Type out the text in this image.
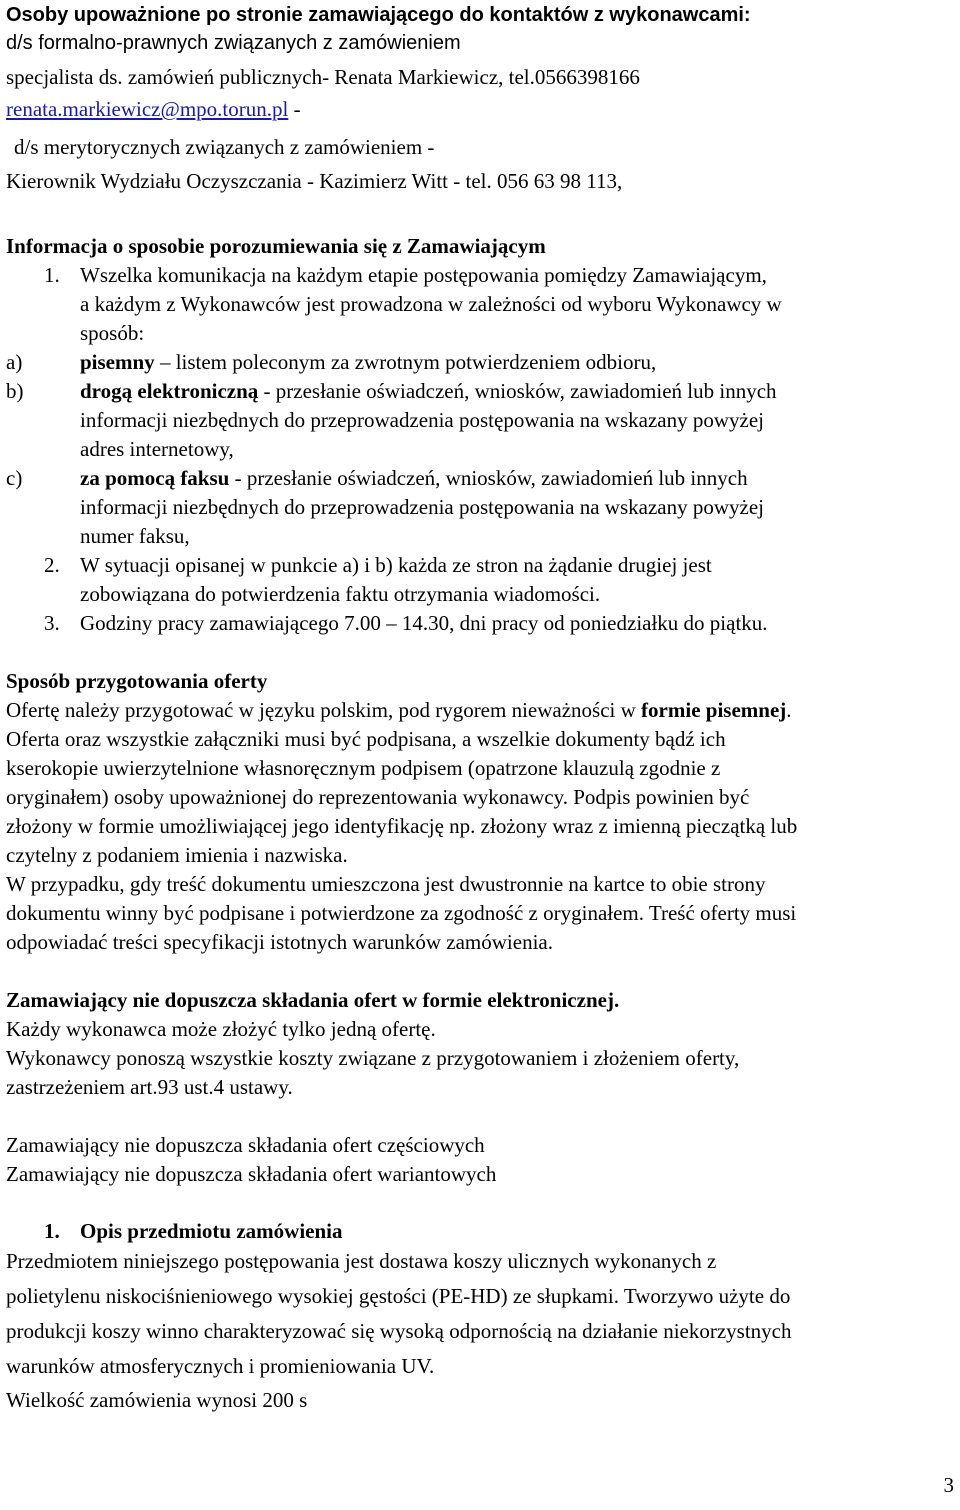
Osoby upoważnione po stronie zamawiającego do kontaktów z wykonawcami:
d/s formalno-prawnych związanych z zamówieniem
specjalista ds. zamówień publicznych- Renata Markiewicz, tel.0566398166
renata.markiewicz@mpo.torun.pl -
d/s merytorycznych związanych z zamówieniem -
Kierownik Wydziału Oczyszczania - Kazimierz Witt - tel. 056 63 98 113,
Informacja o sposobie porozumiewania się z Zamawiającym
1. Wszelka komunikacja na każdym etapie postępowania pomiędzy Zamawiającym,
a każdym z Wykonawców jest prowadzona w zależności od wyboru Wykonawcy w
sposób:
a)	pisemny – listem poleconym za zwrotnym potwierdzeniem odbioru,
b)	drogą elektroniczną - przesłanie oświadczeń, wniosków, zawiadomień lub innych
informacji niezbędnych do przeprowadzenia postępowania na wskazany powyżej
adres internetowy,
c)	za pomocą faksu - przesłanie oświadczeń, wniosków, zawiadomień lub innych
informacji niezbędnych do przeprowadzenia postępowania na wskazany powyżej
numer faksu,
2. W sytuacji opisanej w punkcie a) i b) każda ze stron na żądanie drugiej jest
zobowiązana do potwierdzenia faktu otrzymania wiadomości.
3. Godziny pracy zamawiającego 7.00 – 14.30, dni pracy od poniedziałku do piątku.
Sposób przygotowania oferty
Ofertę należy przygotować w języku polskim, pod rygorem nieważności w formie pisemnej.
Oferta oraz wszystkie załączniki musi być podpisana, a wszelkie dokumenty bądź ich
kserokopie uwierzytelnione własnoręcznym podpisem (opatrzone klauzulą zgodnie z
oryginałem) osoby upoważnionej do reprezentowania wykonawcy. Podpis powinien być
złożony w formie umożliwiającej jego identyfikację np. złożony wraz z imienną pieczątką lub
czytelny z podaniem imienia i nazwiska.
W przypadku, gdy treść dokumentu umieszczona jest dwustronnie na kartce to obie strony
dokumentu winny być podpisane i potwierdzone za zgodność z oryginałem. Treść oferty musi
odpowiadać treści specyfikacji istotnych warunków zamówienia.
Zamawiający nie dopuszcza składania ofert w formie elektronicznej.
Każdy wykonawca może złożyć tylko jedną ofertę.
Wykonawcy ponoszą wszystkie koszty związane z przygotowaniem i złożeniem oferty,
zastrzeżeniem art.93 ust.4 ustawy.
Zamawiający nie dopuszcza składania ofert częściowych
Zamawiający nie dopuszcza składania ofert wariantowych
1. Opis przedmiotu zamówienia
Przedmiotem niniejszego postępowania jest dostawa koszy ulicznych wykonanych z
polietylenu niskociśnieniowego wysokiej gęstości (PE-HD) ze słupkami. Tworzywo użyte do
produkcji koszy winno charakteryzować się wysoką odpornością na działanie niekorzystnych
warunków atmosferycznych i promieniowania UV.
Wielkość zamówienia wynosi 200 s
3
